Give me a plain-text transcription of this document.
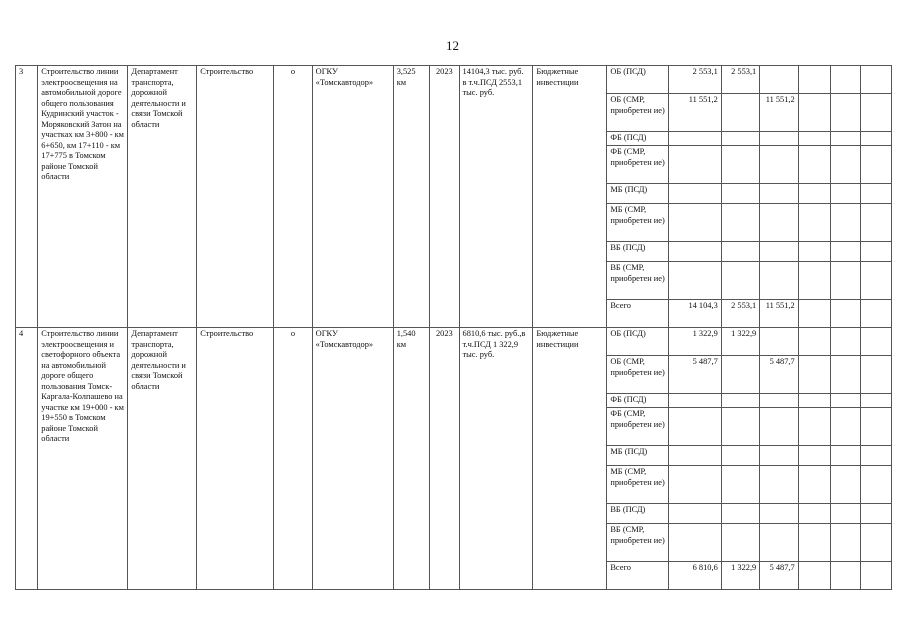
12
3	Строительство линии электроосвещения на автомобильной дороге общего пользования Кудринский участок - Моряковский Затон на участках км 3+800 - км 6+650, км 17+110 - км 17+775 в Томском районе Томской области	Департамент транспорта, дорожной деятельности и связи Томской области	Строительство	о	ОГКУ «Томскавтодор»	3,525 км	2023	14104,3 тыс. руб. в т.ч.ПСД 2553,1 тыс. руб.	Бюджетные инвестиции	ОБ (ПСД)	2 553,1	2 553,1				
										ОБ (СМР, приобретен ие)	11 551,2		11 551,2			
										ФБ (ПСД)						
										ФБ (СМР, приобретен ие)						
										МБ (ПСД)						
										МБ (СМР, приобретен ие)						
										ВБ (ПСД)						
										ВБ (СМР, приобретен ие)						
										Всего	14 104,3	2 553,1	11 551,2			
4	Строительство линии электроосвещения и светофорного объекта на автомобильной дороге общего пользования Томск-Каргала-Колпашево на участке км 19+000 - км 19+550 в Томском районе Томской области	Департамент транспорта, дорожной деятельности и связи Томской области	Строительство	о	ОГКУ «Томскавтодор»	1,540 км	2023	6810,6 тыс. руб.,в т.ч.ПСД 1 322,9 тыс. руб.	Бюджетные инвестиции	ОБ (ПСД)	1 322,9	1 322,9				
										ОБ (СМР, приобретен ие)	5 487,7		5 487,7			
										ФБ (ПСД)						
										ФБ (СМР, приобретен ие)						
										МБ (ПСД)						
										МБ (СМР, приобретен ие)						
										ВБ (ПСД)						
										ВБ (СМР, приобретен ие)						
										Всего	6 810,6	1 322,9	5 487,7			
